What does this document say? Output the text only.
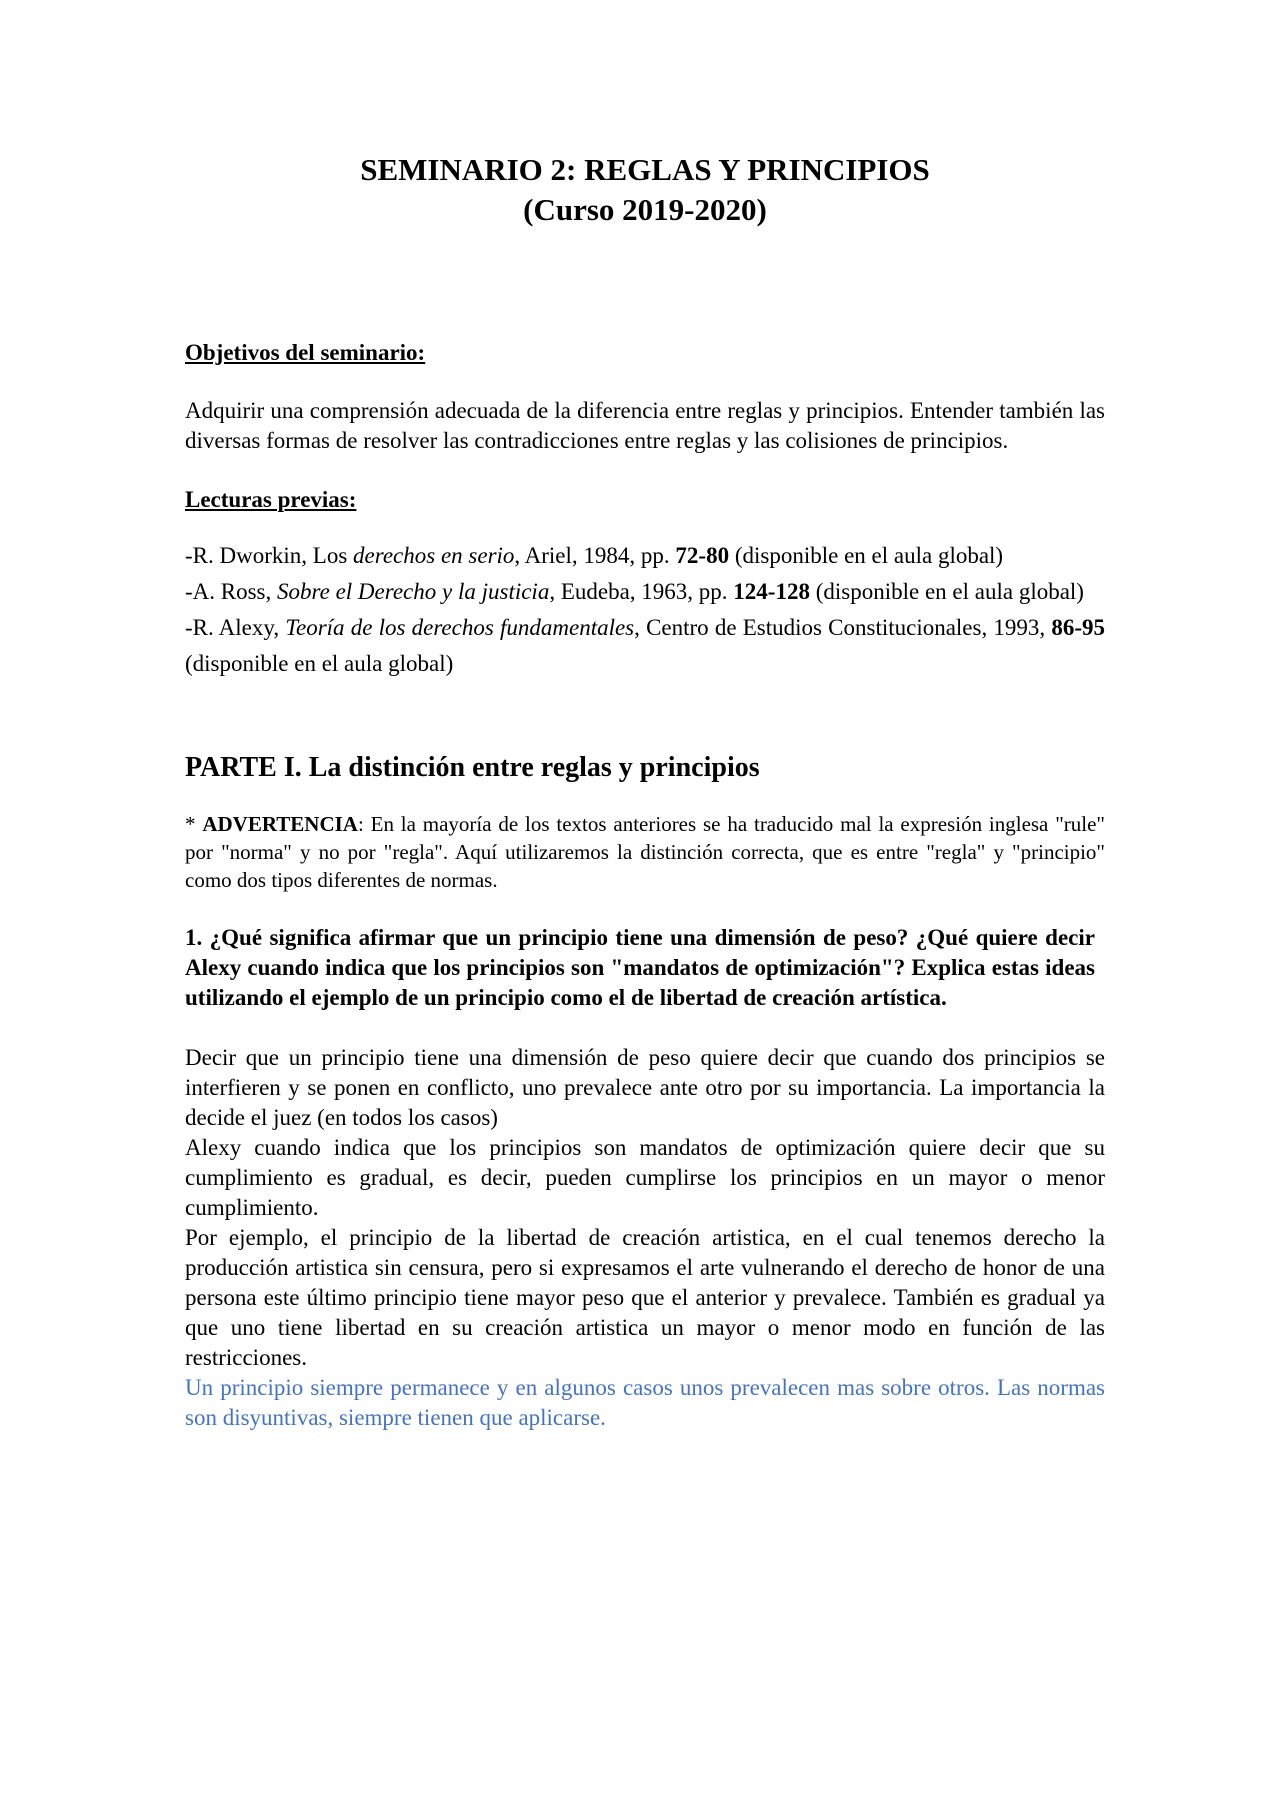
SEMINARIO 2: REGLAS Y PRINCIPIOS
(Curso 2019-2020)

Objetivos del seminario:

Adquirir una comprensión adecuada de la diferencia entre reglas y principios. Entender también las diversas formas de resolver las contradicciones entre reglas y las colisiones de principios.

Lecturas previas:

-R. Dworkin, Los derechos en serio, Ariel, 1984, pp. 72-80 (disponible en el aula global)

-A. Ross, Sobre el Derecho y la justicia, Eudeba, 1963, pp. 124-128 (disponible en el aula global)

-R. Alexy, Teoría de los derechos fundamentales, Centro de Estudios Constitucionales, 1993, 86-95 (disponible en el aula global)

PARTE I. La distinción entre reglas y principios

* ADVERTENCIA: En la mayoría de los textos anteriores se ha traducido mal la expresión inglesa "rule" por "norma" y no por "regla". Aquí utilizaremos la distinción correcta, que es entre "regla" y "principio" como dos tipos diferentes de normas.

1. ¿Qué significa afirmar que un principio tiene una dimensión de peso? ¿Qué quiere decir Alexy cuando indica que los principios son "mandatos de optimización"? Explica estas ideas utilizando el ejemplo de un principio como el de libertad de creación artística.

Decir que un principio tiene una dimensión de peso quiere decir que cuando dos principios se interfieren y se ponen en conflicto, uno prevalece ante otro por su importancia. La importancia la decide el juez (en todos los casos)

Alexy cuando indica que los principios son mandatos de optimización quiere decir que su cumplimiento es gradual, es decir, pueden cumplirse los principios en un mayor o menor cumplimiento.

Por ejemplo, el principio de la libertad de creación artistica, en el cual tenemos derecho la producción artistica sin censura, pero si expresamos el arte vulnerando el derecho de honor de una persona este último principio tiene mayor peso que el anterior y prevalece. También es gradual ya que uno tiene libertad en su creación artistica un mayor o menor modo en función de las restricciones.

Un principio siempre permanece y en algunos casos unos prevalecen mas sobre otros. Las normas son disyuntivas, siempre tienen que aplicarse.
